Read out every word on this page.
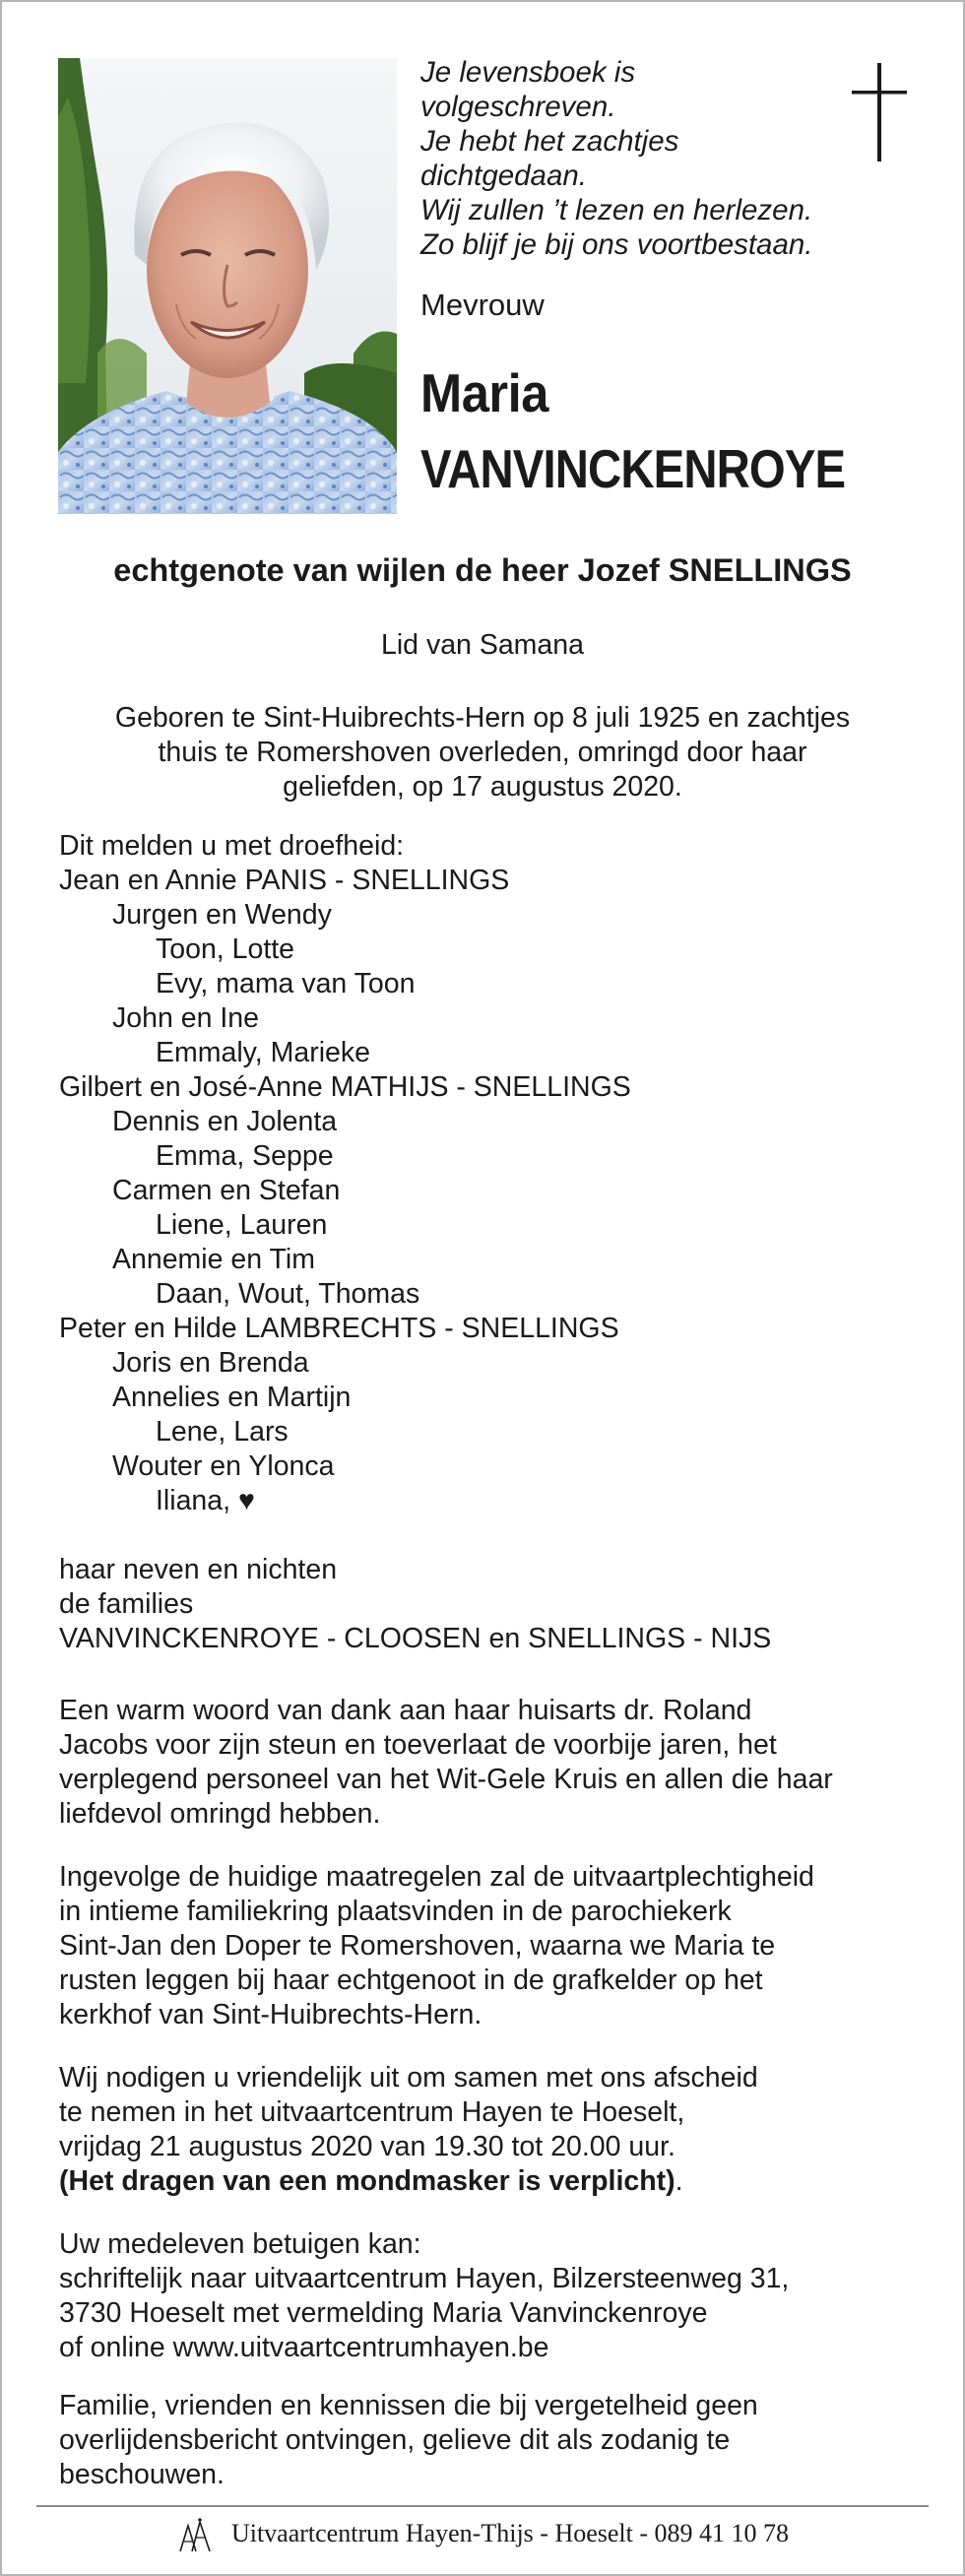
Je levensboek is
volgeschreven.
Je hebt het zachtjes
dichtgedaan.
Wij zullen ’t lezen en herlezen.
Zo blijf je bij ons voortbestaan.
Mevrouw
Maria
VANVINCKENROYE
echtgenote van wijlen de heer Jozef SNELLINGS
Lid van Samana
Geboren te Sint-Huibrechts-Hern op 8 juli 1925 en zachtjes
thuis te Romershoven overleden, omringd door haar
geliefden, op 17 augustus 2020.
Dit melden u met droefheid:
Jean en Annie PANIS - SNELLINGS
Jurgen en Wendy
Toon, Lotte
Evy, mama van Toon
John en Ine
Emmaly, Marieke
Gilbert en José-Anne MATHIJS - SNELLINGS
Dennis en Jolenta
Emma, Seppe
Carmen en Stefan
Liene, Lauren
Annemie en Tim
Daan, Wout, Thomas
Peter en Hilde LAMBRECHTS - SNELLINGS
Joris en Brenda
Annelies en Martijn
Lene, Lars
Wouter en Ylonca
Iliana, ♥
haar neven en nichten
de families
VANVINCKENROYE - CLOOSEN en SNELLINGS - NIJS
Een warm woord van dank aan haar huisarts dr. Roland
Jacobs voor zijn steun en toeverlaat de voorbije jaren, het
verplegend personeel van het Wit-Gele Kruis en allen die haar
liefdevol omringd hebben.
Ingevolge de huidige maatregelen zal de uitvaartplechtigheid
in intieme familiekring plaatsvinden in de parochiekerk
Sint-Jan den Doper te Romershoven, waarna we Maria te
rusten leggen bij haar echtgenoot in de grafkelder op het
kerkhof van Sint-Huibrechts-Hern.
Wij nodigen u vriendelijk uit om samen met ons afscheid
te nemen in het uitvaartcentrum Hayen te Hoeselt,
vrijdag 21 augustus 2020 van 19.30 tot 20.00 uur.
(Het dragen van een mondmasker is verplicht).
Uw medeleven betuigen kan:
schriftelijk naar uitvaartcentrum Hayen, Bilzersteenweg 31,
3730 Hoeselt met vermelding Maria Vanvinckenroye
of online www.uitvaartcentrumhayen.be
Familie, vrienden en kennissen die bij vergetelheid geen
overlijdensbericht ontvingen, gelieve dit als zodanig te
beschouwen.
Uitvaartcentrum Hayen-Thijs - Hoeselt - 089 41 10 78
